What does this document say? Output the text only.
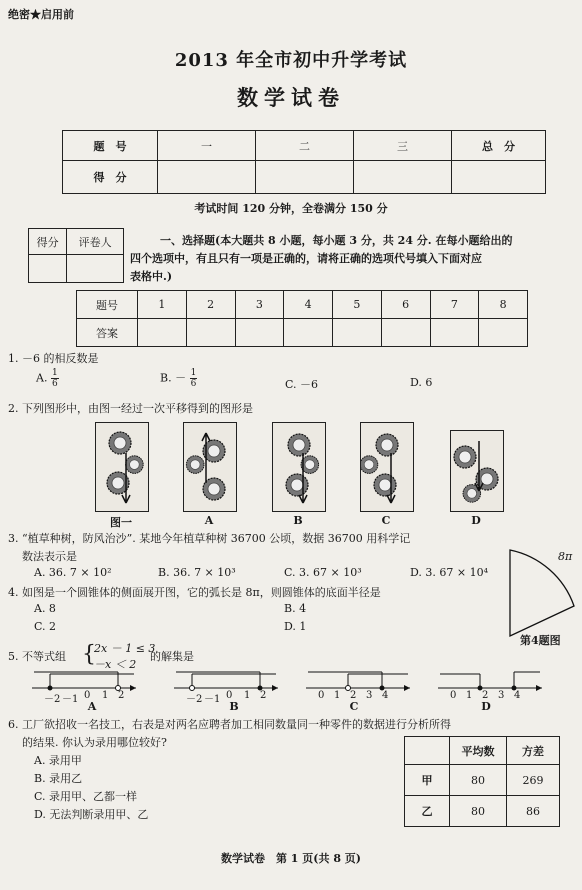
绝密★启用前
2013 年全市初中升学考试
数学试卷
题　号	一	二	三	总　分
得　分				
考试时间 120 分钟，全卷满分 150 分
得分	评卷人
		一、选择题(本大题共 8 小题，每小题 3 分，共 24 分. 在每小题给出的
四个选项中，有且只有一项是正确的，请将正确的选项代号填入下面对应
表格中.)
题号	1	2	3	4	5	6	7	8
答案								
1. －6 的相反数是
A. $\frac{1}{6}$	B. － $\frac{1}{6}$	C. －6	D. 6
2. 下列图形中，由图一经过一次平移得到的图形是
图一	A	B	C	D
3. “植草种树，防风治沙”. 某地今年植草种树 36700 公顷，数据 36700 用科学记
数法表示是
A. 36. 7 × 10²	B. 36. 7 × 10³	C. 3. 67 × 10³	D. 3. 67 × 10⁴
8π
第4题图
4. 如图是一个圆锥体的侧面展开图，它的弧长是 8π，则圆锥体的底面半径是
A. 8	B. 4
C. 2	D. 1
5. 不等式组 {
2x － 1 ≤ 3
－x ＜ 2
的解集是
－2 －1 0 1 2	－2 －1 0 1 2	0 1 2 3 4	0 1 2 3 4
A	B	C	D
6. 工厂欲招收一名技工，右表是对两名应聘者加工相同数量同一种零件的数据进行分析所得
的结果. 你认为录用哪位较好?
A. 录用甲
B. 录用乙
C. 录用甲、乙都一样
D. 无法判断录用甲、乙
	平均数	方差
甲	80	269
乙	80	86
数学试卷　第 1 页(共 8 页)
